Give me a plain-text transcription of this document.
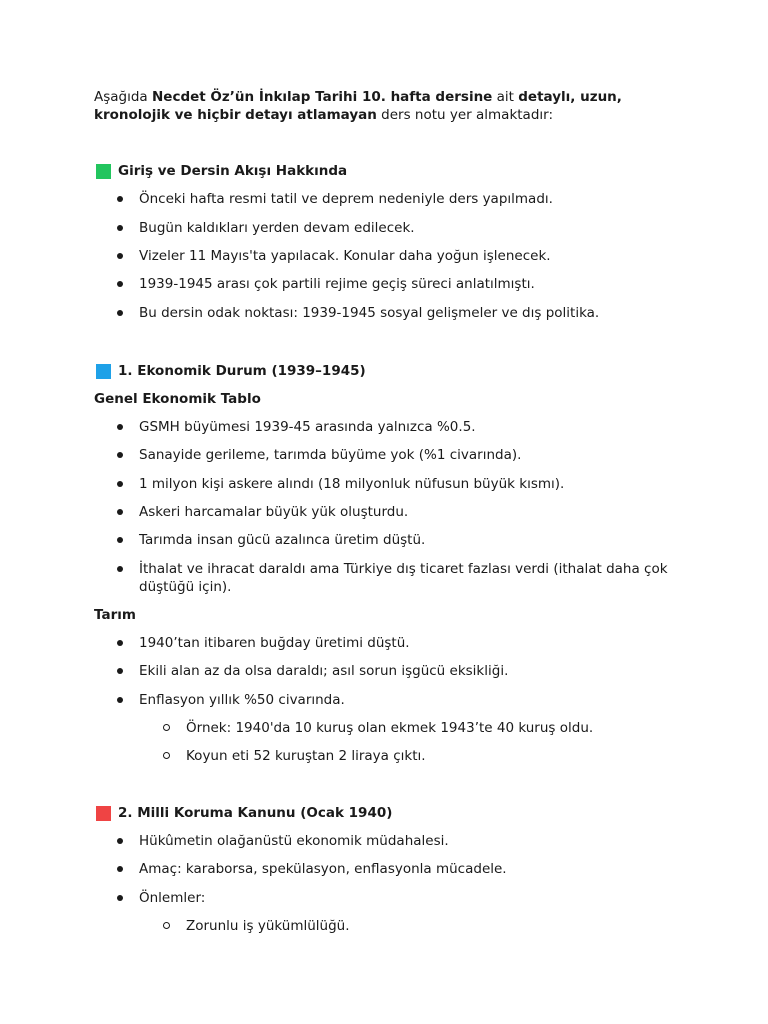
Aşağıda Necdet Öz’ün İnkılap Tarihi 10. hafta dersine ait detaylı, uzun, kronolojik ve hiçbir detayı atlamayan ders notu yer almaktadır:
Giriş ve Dersin Akışı Hakkında
Önceki hafta resmi tatil ve deprem nedeniyle ders yapılmadı.
Bugün kaldıkları yerden devam edilecek.
Vizeler 11 Mayıs'ta yapılacak. Konular daha yoğun işlenecek.
1939-1945 arası çok partili rejime geçiş süreci anlatılmıştı.
Bu dersin odak noktası: 1939-1945 sosyal gelişmeler ve dış politika.
1. Ekonomik Durum (1939–1945)
Genel Ekonomik Tablo
GSMH büyümesi 1939-45 arasında yalnızca %0.5.
Sanayide gerileme, tarımda büyüme yok (%1 civarında).
1 milyon kişi askere alındı (18 milyonluk nüfusun büyük kısmı).
Askeri harcamalar büyük yük oluşturdu.
Tarımda insan gücü azalınca üretim düştü.
İthalat ve ihracat daraldı ama Türkiye dış ticaret fazlası verdi (ithalat daha çok düştüğü için).
Tarım
1940’tan itibaren buğday üretimi düştü.
Ekili alan az da olsa daraldı; asıl sorun işgücü eksikliği.
Enflasyon yıllık %50 civarında.
Örnek: 1940'da 10 kuruş olan ekmek 1943’te 40 kuruş oldu.
Koyun eti 52 kuruştan 2 liraya çıktı.
2. Milli Koruma Kanunu (Ocak 1940)
Hükûmetin olağanüstü ekonomik müdahalesi.
Amaç: karaborsa, spekülasyon, enflasyonla mücadele.
Önlemler:
Zorunlu iş yükümlülüğü.
